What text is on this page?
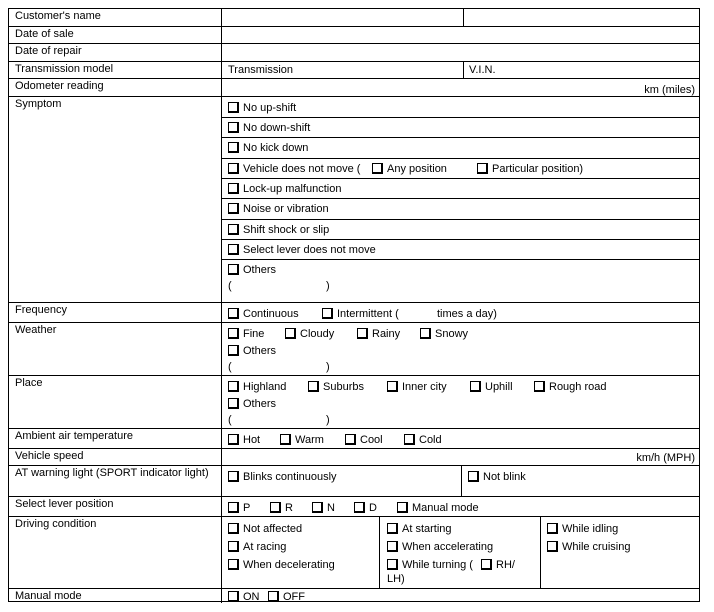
Customer's name
Date of sale
Date of repair
Transmission model	Transmission	V.I.N.
Odometer reading	km (miles)
Symptom	No up-shift
No down-shift
No kick down
Vehicle does not move (	Any position	Particular position)
Lock-up malfunction
Noise or vibration
Shift shock or slip
Select lever does not move
Others
(	)
Frequency	Continuous	Intermittent (	times a day)
Weather	Fine	Cloudy	Rainy	Snowy
Others
(	)
Place	Highland	Suburbs	Inner city	Uphill	Rough road
Others
(	)
Ambient air temperature	Hot	Warm	Cool	Cold
Vehicle speed	km/h (MPH)
AT warning light (SPORT indicator light)	Blinks continuously	Not blink
Select lever position	P	R	N	D	Manual mode
Driving condition	Not affected
At racing
When decelerating
At starting
When accelerating
While turning (	RH/
LH)
While idling
While cruising
Manual mode	ON	OFF
